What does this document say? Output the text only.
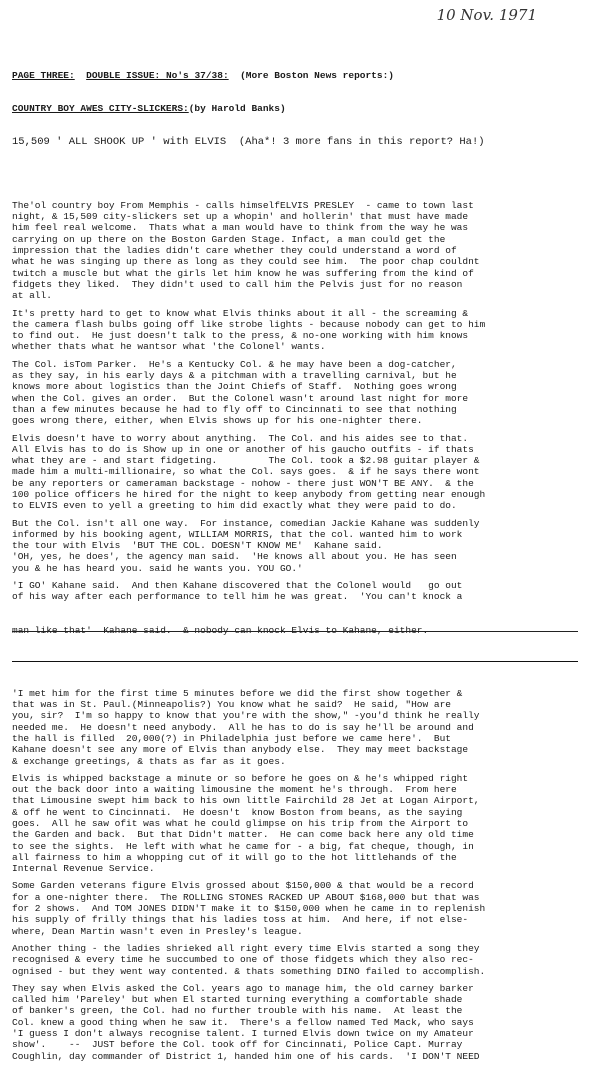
10 Nov. 1971

PAGE THREE: DOUBLE ISSUE: No's 37/38: (More Boston News reports:)

COUNTRY BOY AWES CITY-SLICKERS:(by Harold Banks)

15,509 ' ALL SHOOK UP ' with ELVIS  (Aha*! 3 more fans in this report? Ha!)

The'ol country boy From Memphis - calls himselfELVIS PRESLEY  - came to town last
night, & 15,509 city-slickers set up a whopin' and hollerin' that must have made
him feel real welcome.  Thats what a man would have to think from the way he was
carrying on up there on the Boston Garden Stage. Infact, a man could get the
impression that the ladies didn't care whether they could understand a word of
what he was singing up there as long as they could see him.  The poor chap couldnt
twitch a muscle but what the girls let him know he was suffering from the kind of
fidgets they liked.  They didn't used to call him the Pelvis just for no reason
at all.
It's pretty hard to get to know what Elvis thinks about it all - the screaming &
the camera flash bulbs going off like strobe lights - because nobody can get to him
to find out.  He just doesn't talk to the press, & no-one working with him knows
whether thats what he wantsor what 'the Colonel' wants.
The Col. isTom Parker.  He's a Kentucky Col. & he may have been a dog-catcher,
as they say, in his early days & a pitchman with a travelling carnival, but he
knows more about logistics than the Joint Chiefs of Staff.  Nothing goes wrong
when the Col. gives an order.  But the Colonel wasn't around last night for more
than a few minutes because he had to fly off to Cincinnati to see that nothing
goes wrong there, either, when Elvis shows up for his one-nighter there.
Elvis doesn't have to worry about anything.  The Col. and his aides see to that.
All Elvis has to do is Show up in one or another of his gaucho outfits - if thats
what they are - and start fidgeting.         The Col. took a $2.98 guitar player &
made him a multi-millionaire, so what the Col. says goes.  & if he says there wont
be any reporters or cameraman backstage - nohow - there just WON'T BE ANY.  & the
100 police officers he hired for the night to keep anybody from getting near enough
to ELVIS even to yell a greeting to him did exactly what they were paid to do.
But the Col. isn't all one way.  For instance, comedian Jackie Kahane was suddenly
informed by his booking agent, WILLIAM MORRIS, that the col. wanted him to work
the tour with Elvis  'BUT THE COL. DOESN'T KNOW ME'  Kahane said.
'OH, yes, he does', the agency man said.  'He knows all about you. He has seen
you & he has heard you. said he wants you. YOU GO.'
'I GO' Kahane said.  And then Kahane discovered that the Colonel would   go out
of his way after each performance to tell him he was great.  'You can't knock a

man like that'  Kahane said.  & nobody can knock Elvis to Kahane, either.

'I met him for the first time 5 minutes before we did the first show together &
that was in St. Paul.(Minneapolis?) You know what he said?  He said, "How are
you, sir?  I'm so happy to know that you're with the show," -you'd think he really
needed me.  He doesn't need anybody.  All he has to do is say he'll be around and
the hall is filled  20,000(?) in Philadelphia just before we came here'.  But
Kahane doesn't see any more of Elvis than anybody else.  They may meet backstage
& exchange greetings, & thats as far as it goes.
Elvis is whipped backstage a minute or so before he goes on & he's whipped right
out the back door into a waiting limousine the moment he's through.  From here
that Limousine swept him back to his own little Fairchild 28 Jet at Logan Airport,
& off he went to Cincinnati.  He doesn't  know Boston from beans, as the saying
goes.  All he saw ofit was what he could glimpse on his trip from the Airport to
the Garden and back.  But that Didn't matter.  He can come back here any old time
to see the sights.  He left with what he came for - a big, fat cheque, though, in
all fairness to him a whopping cut of it will go to the hot littlehands of the
Internal Revenue Service.
Some Garden veterans figure Elvis grossed about $150,000 & that would be a record
for a one-nighter there.  The ROLLING STONES RACKED UP ABOUT $168,000 but that was
for 2 shows.  And TOM JONES DIDN'T make it to $150,000 when he came in to replenish
his supply of frilly things that his ladies toss at him.  And here, if not else-
where, Dean Martin wasn't even in Presley's league.
Another thing - the ladies shrieked all right every time Elvis started a song they
recognised & every time he succumbed to one of those fidgets which they also rec-
ognised - but they went way contented. & thats something DINO failed to accomplish.
They say when Elvis asked the Col. years ago to manage him, the old carney barker
called him 'Pareley' but when El started turning everything a comfortable shade
of banker's green, the Col. had no further trouble with his name.  At least the
Col. knew a good thing when he saw it.  There's a fellow named Ted Mack, who says
'I guess I don't always recognise talent. I turned Elvis down twice on my Amateur
show'.    --  JUST before the Col. took off for Cincinnati, Police Capt. Murray
Coughlin, day commander of District 1, handed him one of his cards.  'I DON'T NEED
